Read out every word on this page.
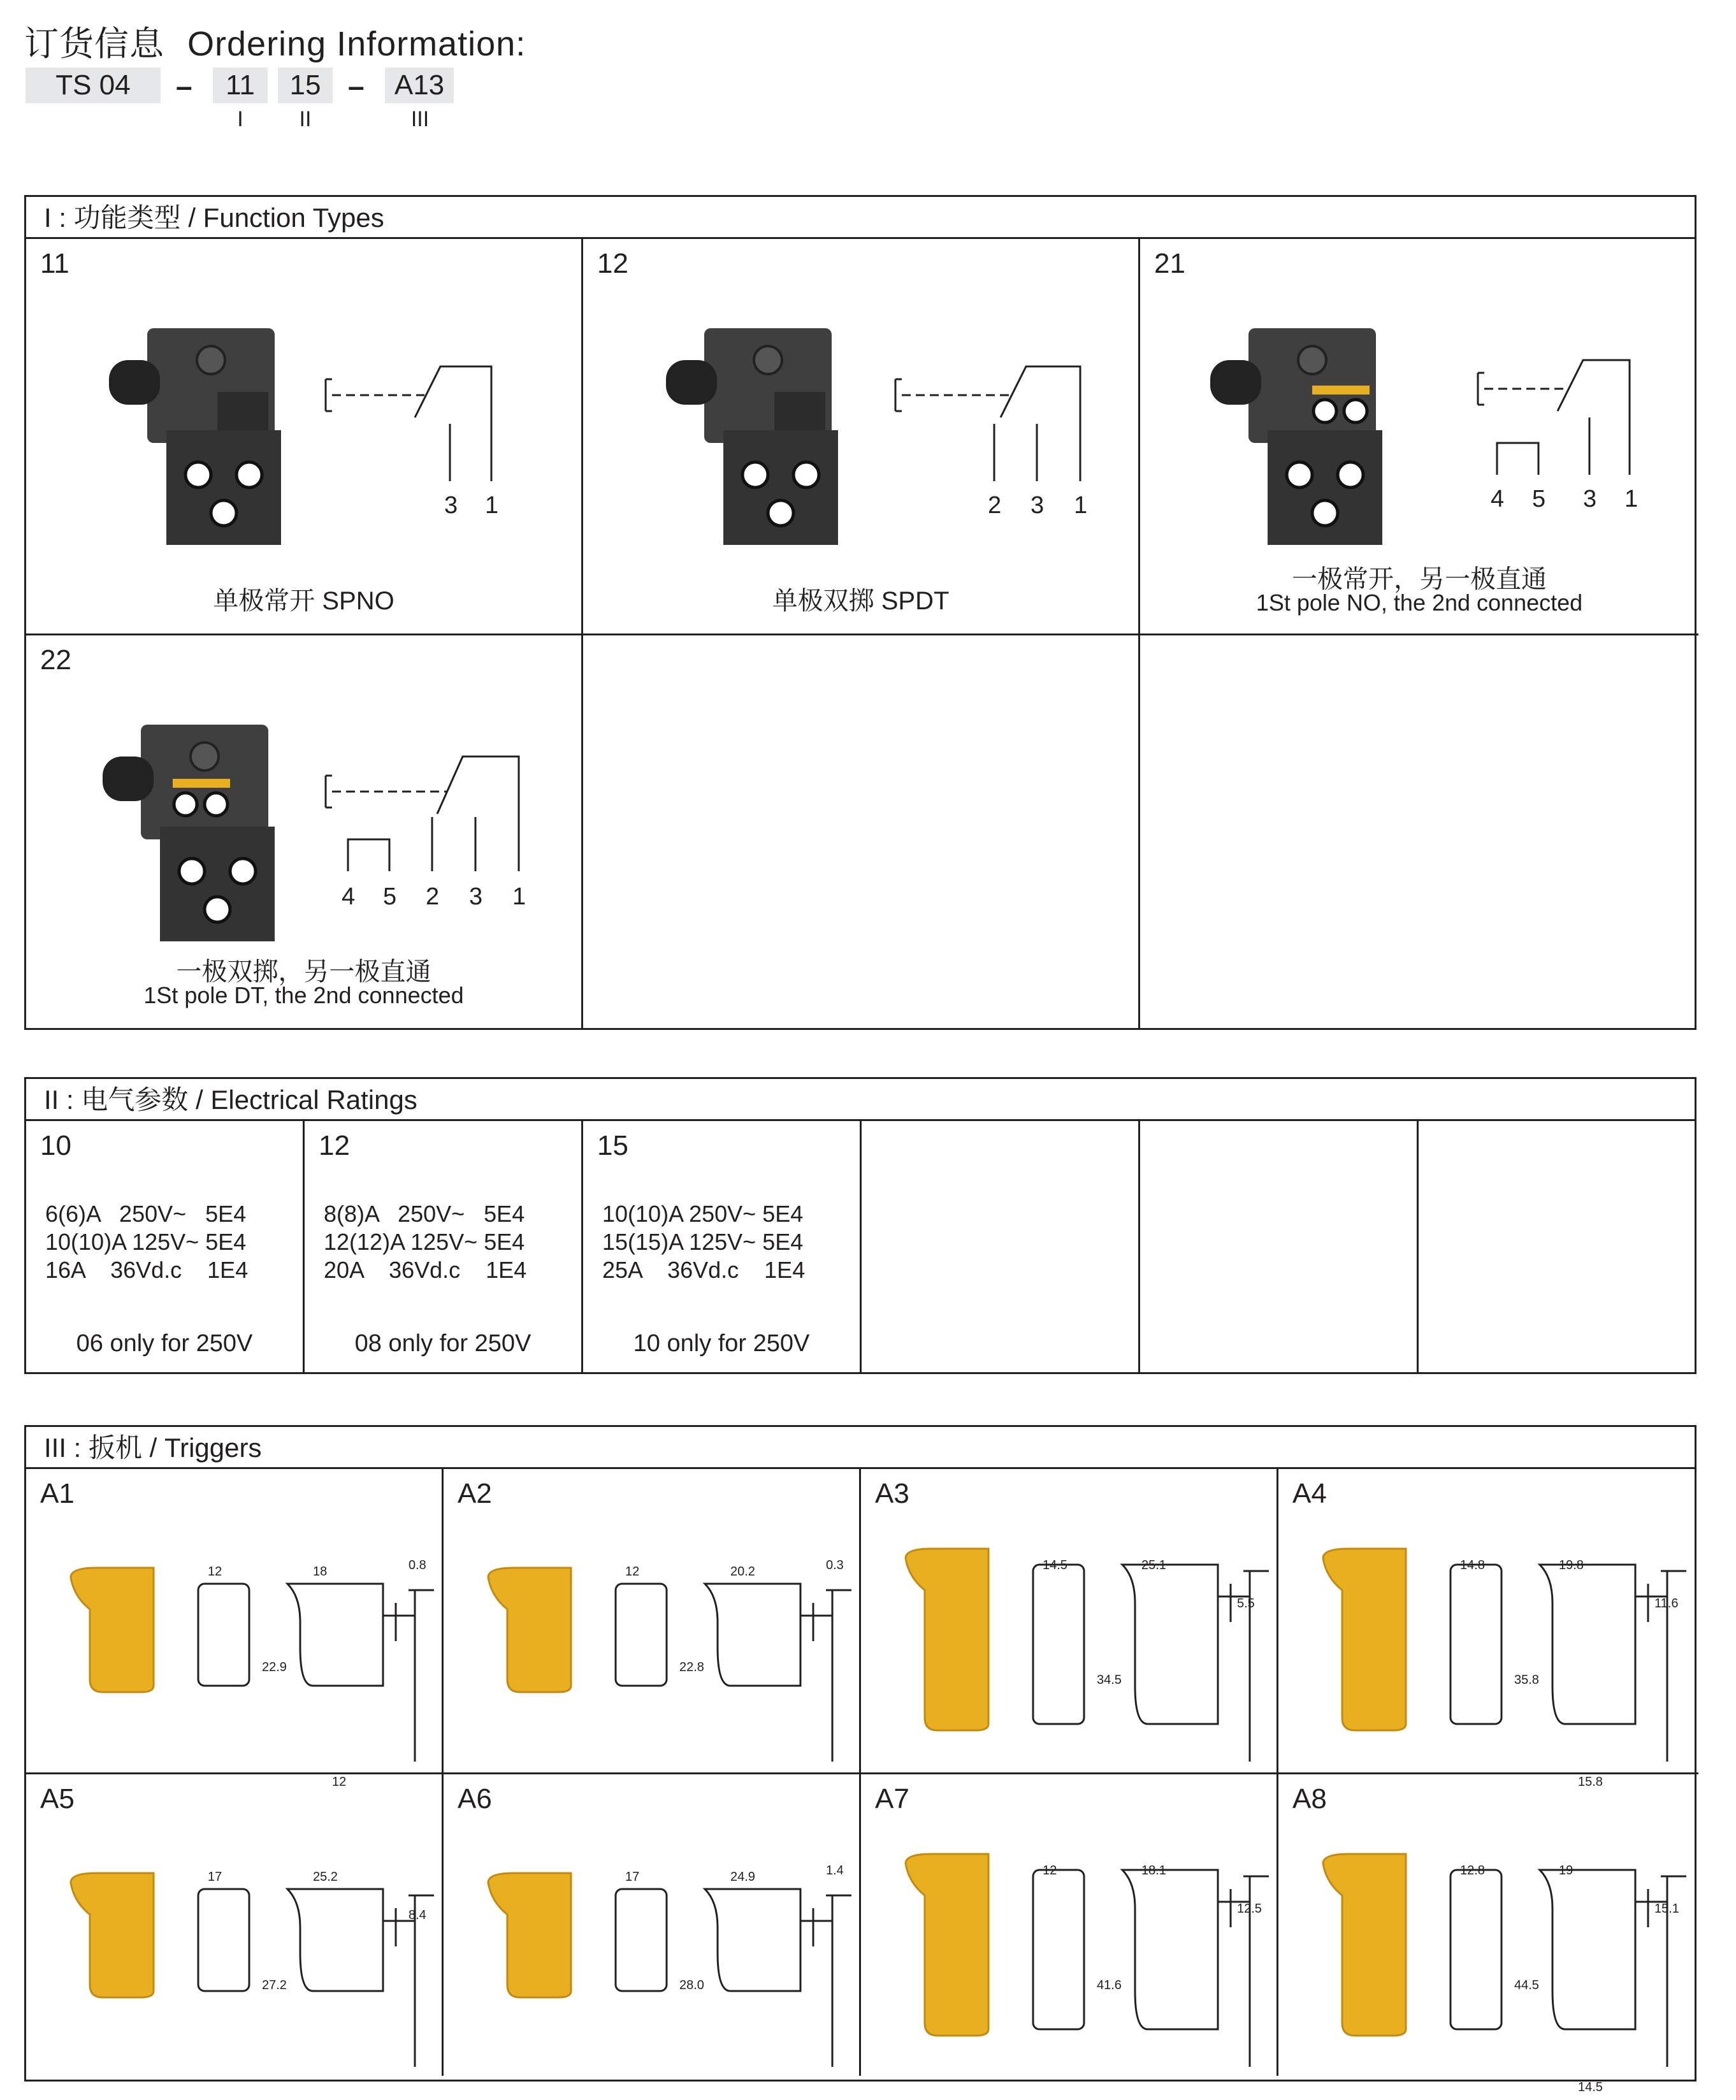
订货信息 Ordering Information:
TS 04	–	11	15 –	A13
I	II	III
I : 功能类型 / Function Types
11
3 1
单极常开 SPNO
12
2 3 1
单极双掷 SPDT
21
4 5 3 1
一极常开，另一极直通
1St pole NO, the 2nd connected
22
4 5 2 3 1
一极双掷，另一极直通
1St pole DT, the 2nd connected
II : 电气参数 / Electrical Ratings
10
6(6)A   250V~   5E4
10(10)A 125V~ 5E4
16A    36Vd.c    1E4
06 only for 250V
12
8(8)A   250V~   5E4
12(12)A 125V~ 5E4
20A    36Vd.c    1E4
08 only for 250V
15
10(10)A 250V~ 5E4
15(15)A 125V~ 5E4
25A    36Vd.c    1E4
10 only for 250V
III : 扳机 / Triggers
A1
12	18	0.8
22.9
12
A2
12	20.2	0.3
22.8
A3
14.5	25.1
5.5
34.5
A4
14.8	19.8
11.6
35.8
15.8
A5
17	25.2
8.4
27.2
A6
17	24.9	1.4
28.0
A7
12	18.1
12.5
41.6
A8
12.8	19
15.1
44.5
14.5
